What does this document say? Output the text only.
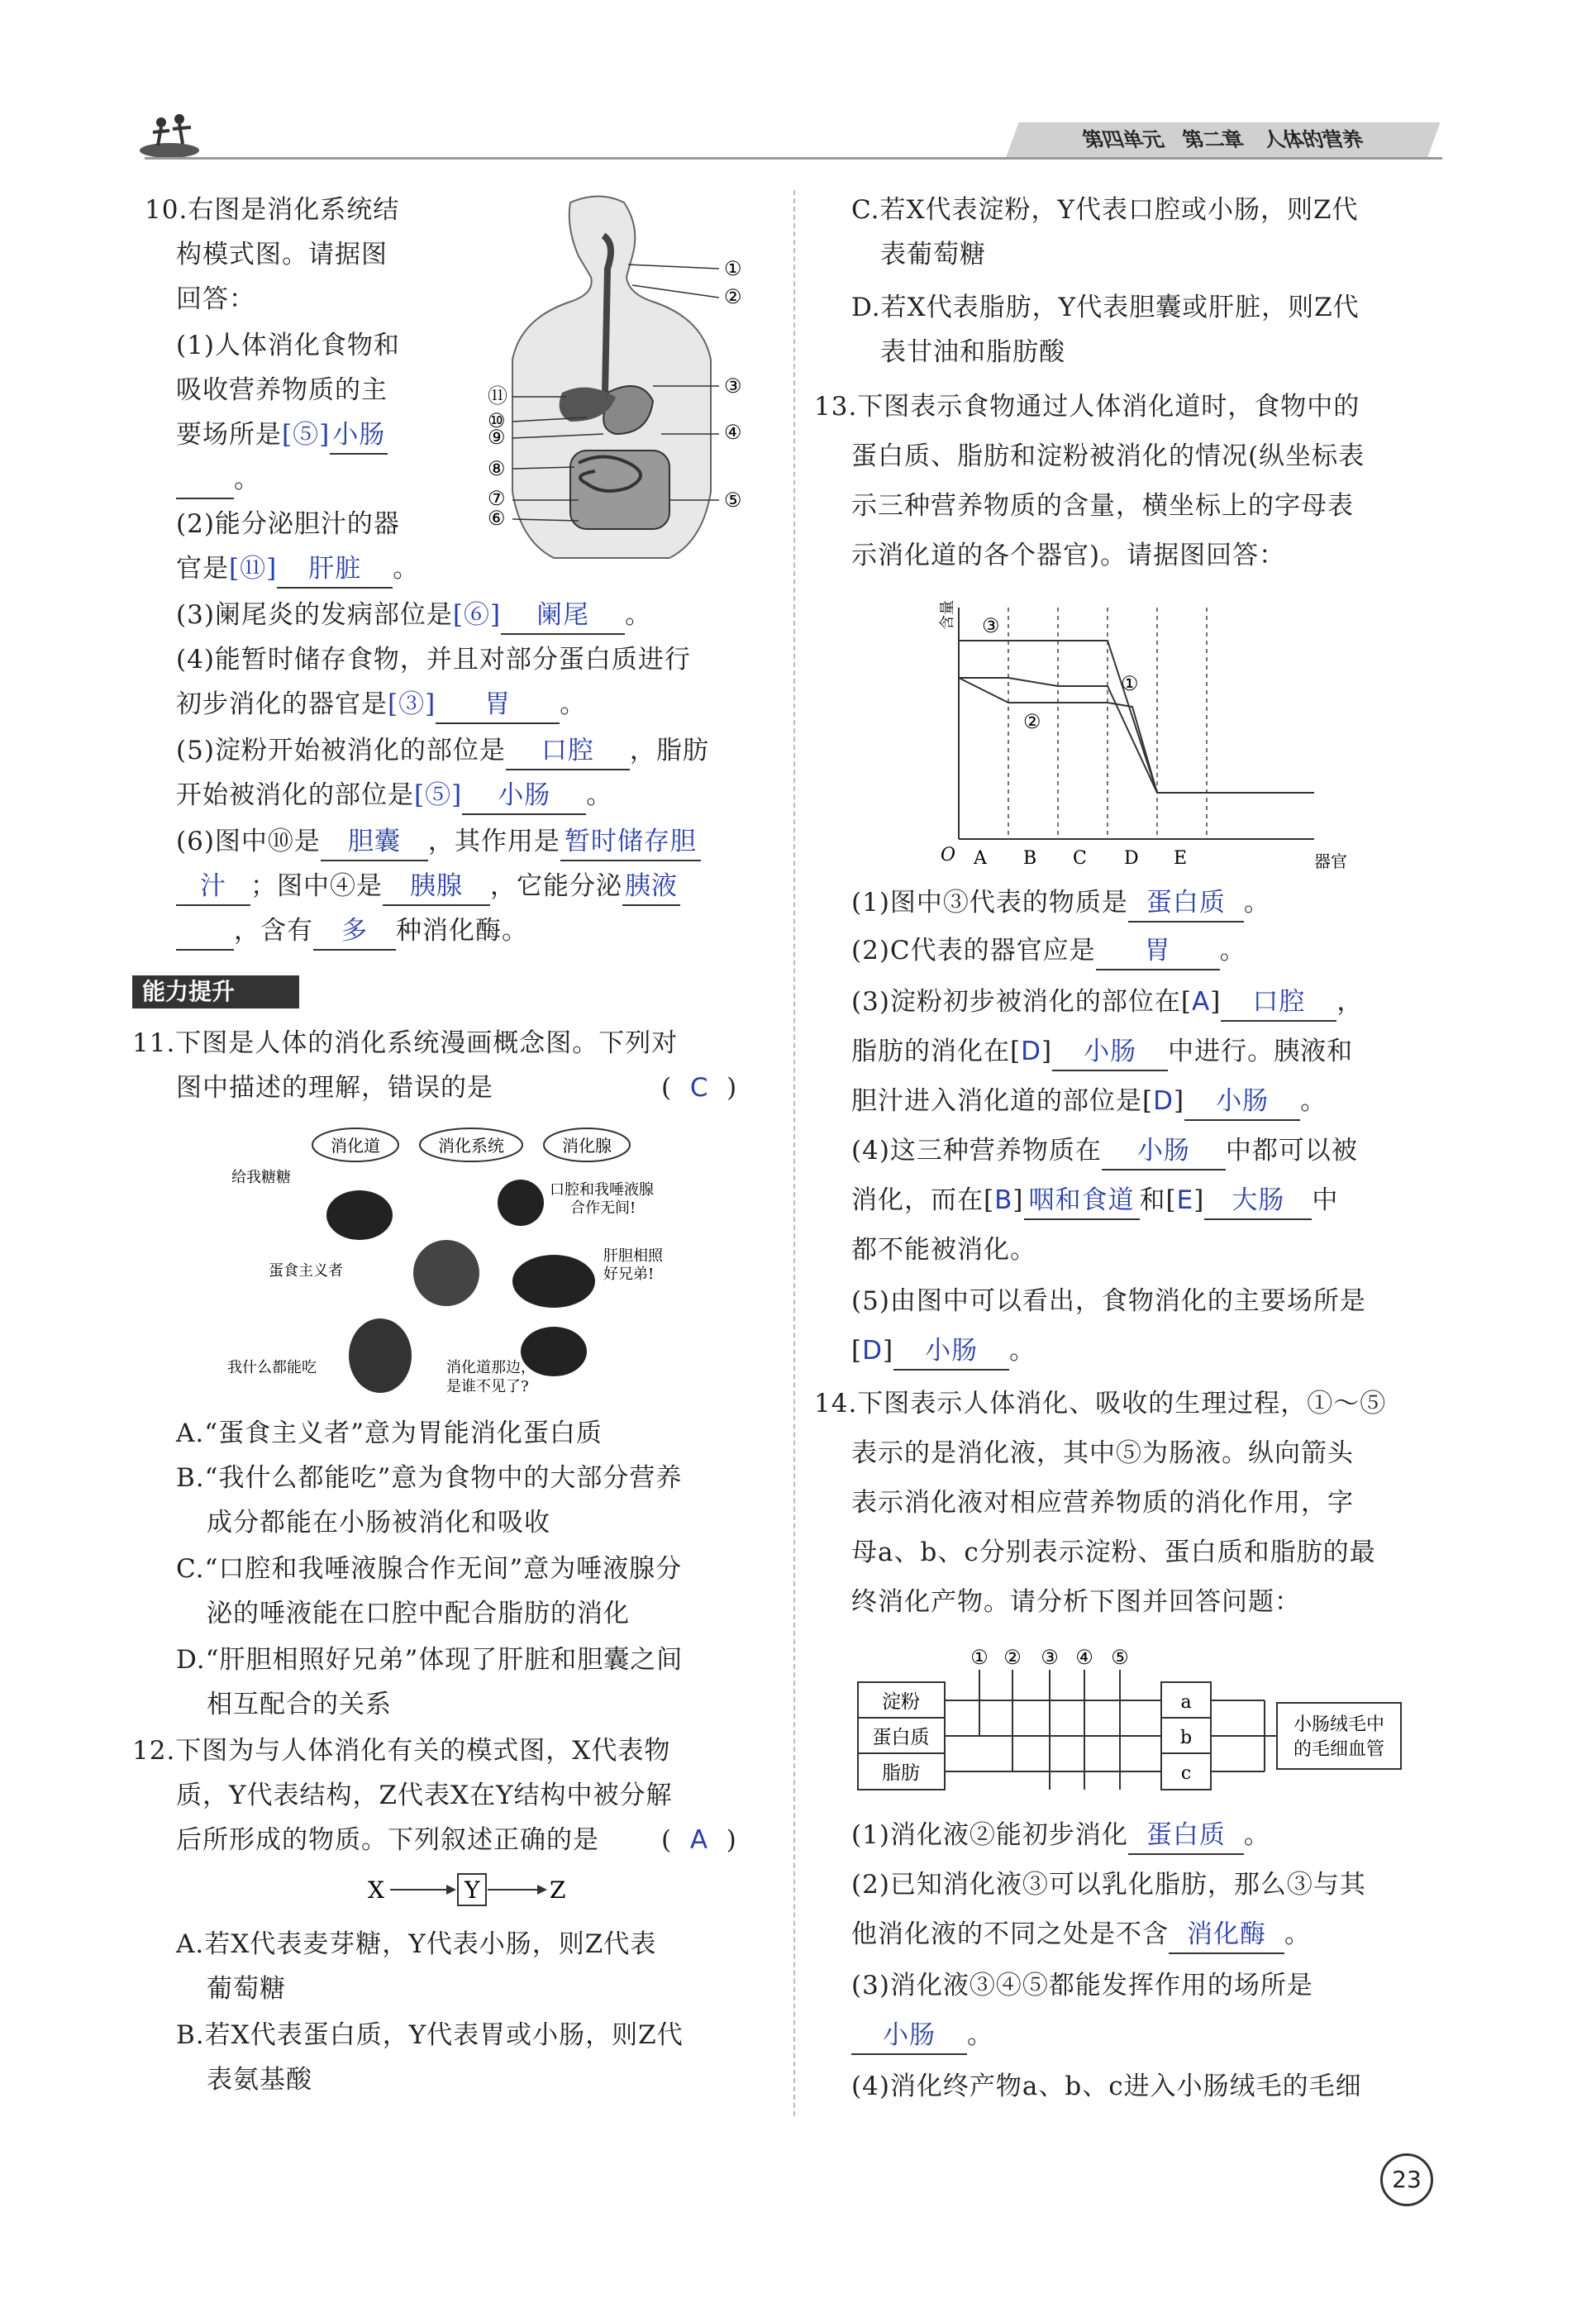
第四单元 第二章 人体的营养
10.右图是消化系统结
构模式图。请据图
回答：
(1)人体消化食物和
吸收营养物质的主
要场所是[⑤]小肠
。
(2)能分泌胆汁的器
官是[⑪] 肝脏 。
(3)阑尾炎的发病部位是[⑥] 阑尾 。
(4)能暂时储存食物，并且对部分蛋白质进行
初步消化的器官是[③] 胃 。
(5)淀粉开始被消化的部位是 口腔 ，脂肪
开始被消化的部位是[⑤] 小肠 。
(6)图中⑩是 胆囊 ，其作用是 暂时储存胆
汁 ；图中④是 胰腺 ，它能分泌胰液
，含有 多 种消化酶。
①
②
③
④
⑤
⑥
⑦
⑧
⑨
⑩
⑪
能力提升
11.下图是人体的消化系统漫画概念图。下列对
图中描述的理解，错误的是	(  C  )
消化道	消化系统	消化腺
给我糖糖
口腔和我唾液腺
合作无间!
肝胆相照
好兄弟!
蛋食主义者
我什么都能吃	消化道那边，
是谁不见了?
A.“蛋食主义者”意为胃能消化蛋白质
B.“我什么都能吃”意为食物中的大部分营养
成分都能在小肠被消化和吸收
C.“口腔和我唾液腺合作无间”意为唾液腺分
泌的唾液能在口腔中配合脂肪的消化
D.“肝胆相照好兄弟”体现了肝脏和胆囊之间
相互配合的关系
12.下图为与人体消化有关的模式图，X代表物
质，Y代表结构，Z代表X在Y结构中被分解
后所形成的物质。下列叙述正确的是 (  A  )
X	Y	Z
A.若X代表麦芽糖，Y代表小肠，则Z代表
葡萄糖
B.若X代表蛋白质，Y代表胃或小肠，则Z代
表氨基酸
C.若X代表淀粉，Y代表口腔或小肠，则Z代
表葡萄糖
D.若X代表脂肪，Y代表胆囊或肝脏，则Z代
表甘油和脂肪酸
13.下图表示食物通过人体消化道时，食物中的
蛋白质、脂肪和淀粉被消化的情况(纵坐标表
示三种营养物质的含量，横坐标上的字母表
示消化道的各个器官)。请据图回答：
含量
器官
O A B C D E
①
②
③
(1)图中③代表的物质是 蛋白质 。
(2)C代表的器官应是 胃 。
(3)淀粉初步被消化的部位在[A] 口腔 ，
脂肪的消化在[D] 小肠 中进行。胰液和
胆汁进入消化道的部位是[D] 小肠 。
(4)这三种营养物质在 小肠 中都可以被
消化，而在[B] 咽和食道 和[E] 大肠 中
都不能被消化。
(5)由图中可以看出，食物消化的主要场所是
[D] 小肠 。
14.下图表示人体消化、吸收的生理过程，①～⑤
表示的是消化液，其中⑤为肠液。纵向箭头
表示消化液对相应营养物质的消化作用，字
母a、b、c分别表示淀粉、蛋白质和脂肪的最
终消化产物。请分析下图并回答问题：
① ② ③ ④ ⑤
淀粉
蛋白质
脂肪
a
b
c
小肠绒毛中
的毛细血管
(1)消化液②能初步消化 蛋白质 。
(2)已知消化液③可以乳化脂肪，那么③与其
他消化液的不同之处是不含 消化酶 。
(3)消化液③④⑤都能发挥作用的场所是
小肠 。
(4)消化终产物a、b、c进入小肠绒毛的毛细
23
